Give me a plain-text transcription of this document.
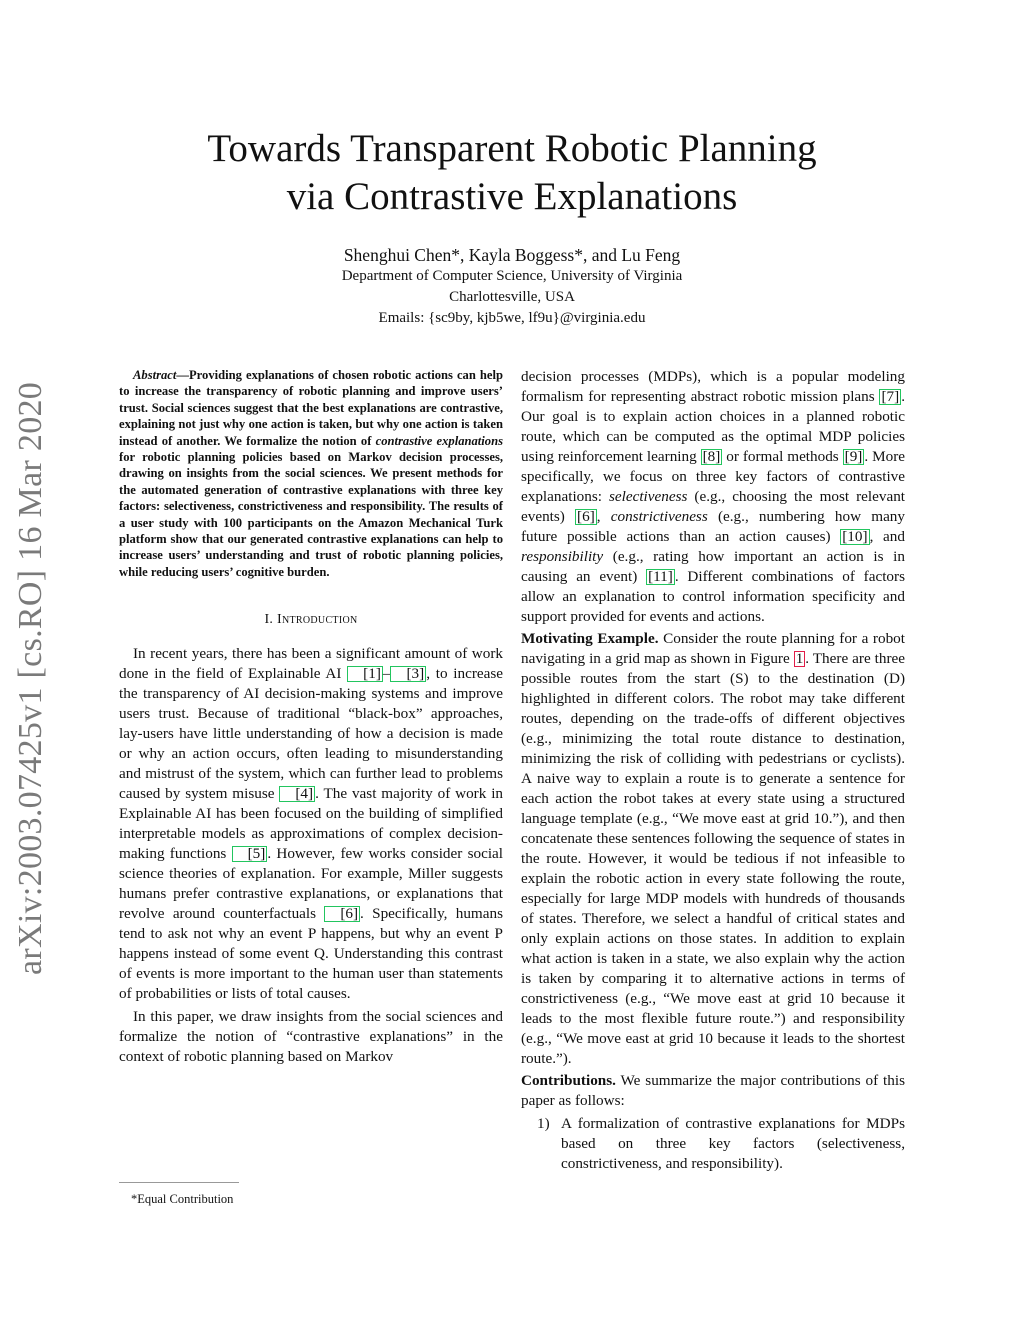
arXiv:2003.07425v1 [cs.RO] 16 Mar 2020
Towards Transparent Robotic Planning
via Contrastive Explanations
Shenghui Chen*, Kayla Boggess*, and Lu Feng
Department of Computer Science, University of Virginia
Charlottesville, USA
Emails: {sc9by, kjb5we, lf9u}@virginia.edu

Abstract—Providing explanations of chosen robotic actions can help to increase the transparency of robotic planning and improve users’ trust. Social sciences suggest that the best explanations are contrastive, explaining not just why one action is taken, but why one action is taken instead of another. We formalize the notion of contrastive explanations for robotic planning policies based on Markov decision processes, drawing on insights from the social sciences. We present methods for the automated generation of contrastive explanations with three key factors: selectiveness, constrictiveness and responsibility. The results of a user study with 100 participants on the Amazon Mechanical Turk platform show that our generated contrastive explanations can help to increase users’ understanding and trust of robotic planning policies, while reducing users’ cognitive burden.

I. Introduction

In recent years, there has been a significant amount of work done in the field of Explainable AI [1] – [3] , to increase the transparency of AI decision-making systems and improve users trust. Because of traditional “black-box” approaches, lay-users have little understanding of how a decision is made or why an action occurs, often leading to misunderstanding and mistrust of the system, which can further lead to problems caused by system misuse [4] . The vast majority of work in Explainable AI has been focused on the building of simplified interpretable models as approximations of complex decision-making functions [5] . However, few works consider social science theories of explanation. For example, Miller suggests humans prefer contrastive explanations, or explanations that revolve around counterfactuals [6] . Specifically, humans tend to ask not why an event P happens, but why an event P happens instead of some event Q. Understanding this contrast of events is more important to the human user than statements of probabilities or lists of total causes.

In this paper, we draw insights from the social sciences and formalize the notion of “contrastive explanations” in the context of robotic planning based on Markov

decision processes (MDPs), which is a popular modeling formalism for representing abstract robotic mission plans [7] . Our goal is to explain action choices in a planned robotic route, which can be computed as the optimal MDP policies using reinforcement learning [8] or formal methods [9] . More specifically, we focus on three key factors of contrastive explanations: selectiveness (e.g., choosing the most relevant events) [6] , constrictiveness (e.g., numbering how many future possible actions than an action causes) [10] , and responsibility (e.g., rating how important an action is in causing an event) [11] . Different combinations of factors allow an explanation to control information specificity and support provided for events and actions.

Motivating Example. Consider the route planning for a robot navigating in a grid map as shown in Figure 1 . There are three possible routes from the start (S) to the destination (D) highlighted in different colors. The robot may take different routes, depending on the trade-offs of different objectives (e.g., minimizing the total route distance to destination, minimizing the risk of colliding with pedestrians or cyclists). A naive way to explain a route is to generate a sentence for each action the robot takes at every state using a structured language template (e.g., “We move east at grid 10.”), and then concatenate these sentences following the sequence of states in the route. However, it would be tedious if not infeasible to explain the robotic action in every state following the route, especially for large MDP models with hundreds of thousands of states. Therefore, we select a handful of critical states and only explain actions on those states. In addition to explain what action is taken in a state, we also explain why the action is taken by comparing it to alternative actions in terms of constrictiveness (e.g., “We move east at grid 10 because it leads to the most flexible future route.”) and responsibility (e.g., “We move east at grid 10 because it leads to the shortest route.”).

Contributions. We summarize the major contributions of this paper as follows:

1) A formalization of contrastive explanations for MDPs based on three key factors (selectiveness, constrictiveness, and responsibility).
*Equal Contribution
